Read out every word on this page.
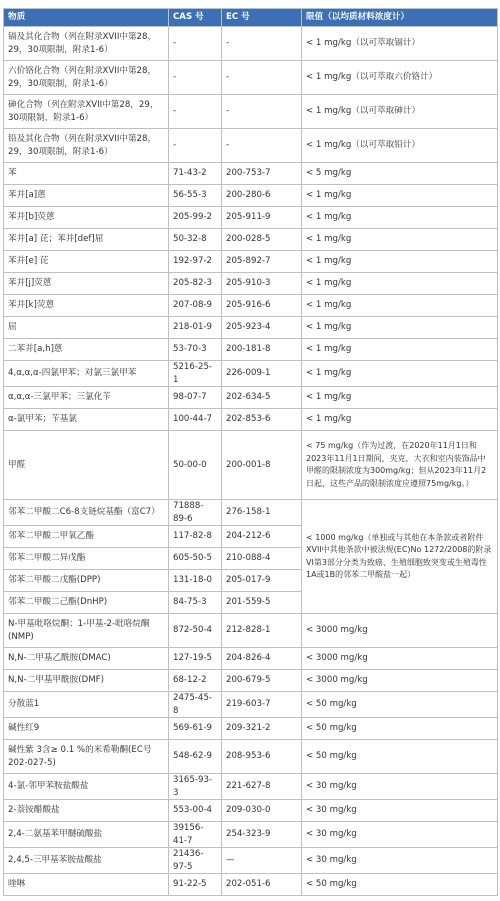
物质	CAS 号	EC 号	限值（以均质材料浓度计）
镉及其化合物（列在附录XVII中第28，29，30项限制，附录1-6）	-	-	< 1 mg/kg（以可萃取镉计）
六价铬化合物（列在附录XVII中第28，29，30项限制，附录1-6）	-	-	< 1 mg/kg（以可萃取六价铬计）
砷化合物（列在附录XVII中第28，29，30项限制，附录1-6）	-	-	< 1 mg/kg（以可萃取砷计）
铅及其化合物（列在附录XVII中第28，29，30项限制，附录1-6）	-	-	< 1 mg/kg（以可萃取铅计）
苯	71-43-2	200-753-7	< 5 mg/kg
苯并[a]蒽	56-55-3	200-280-6	< 1 mg/kg
苯并[b]荧蒽	205-99-2	205-911-9	< 1 mg/kg
苯并[a] 芘；苯并[def]屈	50-32-8	200-028-5	< 1 mg/kg
苯并[e] 芘	192-97-2	205-892-7	< 1 mg/kg
苯并[j]荧蒽	205-82-3	205-910-3	< 1 mg/kg
苯并[k]荧蒽	207-08-9	205-916-6	< 1 mg/kg
屈	218-01-9	205-923-4	< 1 mg/kg
二苯并[a,h]蒽	53-70-3	200-181-8	< 1 mg/kg
4,α,α,α-四氯甲苯；对氯三氯甲苯	5216-25-1	226-009-1	< 1 mg/kg
α,α,α-三氯甲苯；三氯化苄	98-07-7	202-634-5	< 1 mg/kg
α-氯甲苯；苄基氯	100-44-7	202-853-6	< 1 mg/kg
甲醛	50-00-0	200-001-8	< 75 mg/kg（作为过渡，在2020年11月1日和2023年11月1日期间，夹克，大衣和室内装饰品中甲醛的限制浓度为300mg/kg；但从2023年11月2日起，这些产品的限制浓度应遵照75mg/kg。）
邻苯二甲酸二C6-8支链烷基酯（富C7）	71888-89-6	276-158-1	< 1000 mg/kg（单独或与其他在本条款或者附件XVII中其他条款中被法规(EC)No 1272/2008的附录VI第3部分分类为致癌、生殖细胞致突变或生殖毒性1A或1B的邻苯二甲酸盐一起）
邻苯二甲酸二甲氧乙酯	117-82-8	204-212-6	
邻苯二甲酸二异戊酯	605-50-5	210-088-4	
邻苯二甲酸二戊酯(DPP)	131-18-0	205-017-9	
邻苯二甲酸二己酯(DnHP)	84-75-3	201-559-5	
N-甲基吡咯烷酮；1-甲基-2-吡咯烷酮(NMP)	872-50-4	212-828-1	< 3000 mg/kg
N,N-二甲基乙酰胺(DMAC)	127-19-5	204-826-4	< 3000 mg/kg
N,N-二甲基甲酰胺(DMF)	68-12-2	200-679-5	< 3000 mg/kg
分散蓝1	2475-45-8	219-603-7	< 50 mg/kg
碱性红9	569-61-9	209-321-2	< 50 mg/kg
碱性紫 3含≥ 0.1 %的米希勒酮(EC号202-027-5)	548-62-9	208-953-6	< 50 mg/kg
4-氯-邻甲苯胺盐酸盐	3165-93-3	221-627-8	< 30 mg/kg
2-萘铵醋酸盐	553-00-4	209-030-0	< 30 mg/kg
2,4-二氨基苯甲醚硫酸盐	39156-41-7	254-323-9	< 30 mg/kg
2,4,5-三甲基苯胺盐酸盐	21436-97-5	—	< 30 mg/kg
喹啉	91-22-5	202-051-6	< 50 mg/kg
